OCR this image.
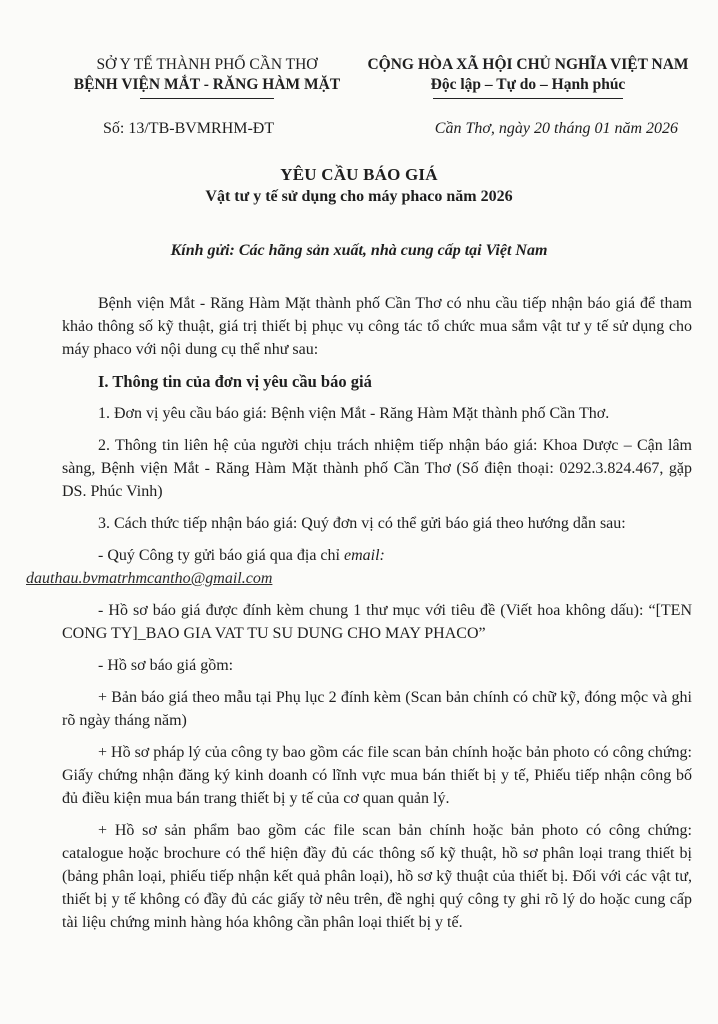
SỞ Y TẾ THÀNH PHỐ CẦN THƠ
BỆNH VIỆN MẮT - RĂNG HÀM MẶT
CỘNG HÒA XÃ HỘI CHỦ NGHĨA VIỆT NAM
Độc lập – Tự do – Hạnh phúc
Số: 13/TB-BVMRHM-ĐT	Cần Thơ, ngày 20 tháng 01 năm 2026
YÊU CẦU BÁO GIÁ
Vật tư y tế sử dụng cho máy phaco năm 2026
Kính gửi: Các hãng sản xuất, nhà cung cấp tại Việt Nam

Bệnh viện Mắt - Răng Hàm Mặt thành phố Cần Thơ có nhu cầu tiếp nhận báo giá để tham khảo thông số kỹ thuật, giá trị thiết bị phục vụ công tác tổ chức mua sắm vật tư y tế sử dụng cho máy phaco với nội dung cụ thể như sau:

I. Thông tin của đơn vị yêu cầu báo giá

1. Đơn vị yêu cầu báo giá: Bệnh viện Mắt - Răng Hàm Mặt thành phố Cần Thơ.

2. Thông tin liên hệ của người chịu trách nhiệm tiếp nhận báo giá: Khoa Dược – Cận lâm sàng, Bệnh viện Mắt - Răng Hàm Mặt thành phố Cần Thơ (Số điện thoại: 0292.3.824.467, gặp DS. Phúc Vinh)

3. Cách thức tiếp nhận báo giá: Quý đơn vị có thể gửi báo giá theo hướng dẫn sau:

- Quý Công ty gửi báo giá qua địa chỉ email:
dauthau.bvmatrhmcantho@gmail.com

- Hồ sơ báo giá được đính kèm chung 1 thư mục với tiêu đề (Viết hoa không dấu): “[TEN CONG TY]_BAO GIA VAT TU SU DUNG CHO MAY PHACO”

- Hồ sơ báo giá gồm:

+ Bản báo giá theo mẫu tại Phụ lục 2 đính kèm (Scan bản chính có chữ kỹ, đóng mộc và ghi rõ ngày tháng năm)

+ Hồ sơ pháp lý của công ty bao gồm các file scan bản chính hoặc bản photo có công chứng: Giấy chứng nhận đăng ký kinh doanh có lĩnh vực mua bán thiết bị y tế, Phiếu tiếp nhận công bố đủ điều kiện mua bán trang thiết bị y tế của cơ quan quản lý.

+ Hồ sơ sản phẩm bao gồm các file scan bản chính hoặc bản photo có công chứng: catalogue hoặc brochure có thể hiện đầy đủ các thông số kỹ thuật, hồ sơ phân loại trang thiết bị (bảng phân loại, phiếu tiếp nhận kết quả phân loại), hồ sơ kỹ thuật của thiết bị. Đối với các vật tư, thiết bị y tế không có đầy đủ các giấy tờ nêu trên, đề nghị quý công ty ghi rõ lý do hoặc cung cấp tài liệu chứng minh hàng hóa không cần phân loại thiết bị y tế.
